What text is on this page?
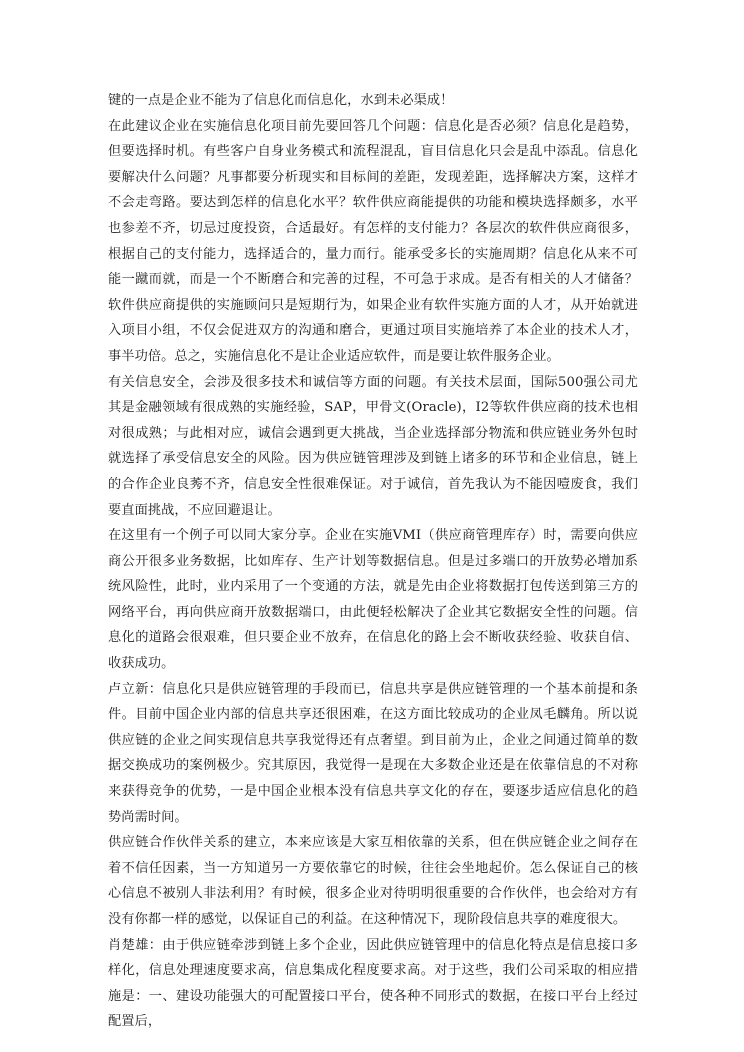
键的一点是企业不能为了信息化而信息化，水到未必渠成！

在此建议企业在实施信息化项目前先要回答几个问题：信息化是否必须？信息化是趋势，但要选择时机。有些客户自身业务模式和流程混乱，盲目信息化只会是乱中添乱。信息化要解决什么问题？凡事都要分析现实和目标间的差距，发现差距，选择解决方案，这样才不会走弯路。要达到怎样的信息化水平？软件供应商能提供的功能和模块选择颇多，水平也参差不齐，切忌过度投资，合适最好。有怎样的支付能力？各层次的软件供应商很多，根据自己的支付能力，选择适合的，量力而行。能承受多长的实施周期？信息化从来不可能一蹴而就，而是一个不断磨合和完善的过程，不可急于求成。是否有相关的人才储备？软件供应商提供的实施顾问只是短期行为，如果企业有软件实施方面的人才，从开始就进入项目小组，不仅会促进双方的沟通和磨合，更通过项目实施培养了本企业的技术人才，事半功倍。总之，实施信息化不是让企业适应软件，而是要让软件服务企业。

有关信息安全，会涉及很多技术和诚信等方面的问题。有关技术层面，国际500强公司尤其是金融领域有很成熟的实施经验，SAP，甲骨文(Oracle)，I2等软件供应商的技术也相对很成熟；与此相对应，诚信会遇到更大挑战，当企业选择部分物流和供应链业务外包时就选择了承受信息安全的风险。因为供应链管理涉及到链上诸多的环节和企业信息，链上的合作企业良莠不齐，信息安全性很难保证。对于诚信，首先我认为不能因噎废食，我们要直面挑战，不应回避退让。

在这里有一个例子可以同大家分享。企业在实施VMI（供应商管理库存）时，需要向供应商公开很多业务数据，比如库存、生产计划等数据信息。但是过多端口的开放势必增加系统风险性，此时，业内采用了一个变通的方法，就是先由企业将数据打包传送到第三方的网络平台，再向供应商开放数据端口，由此便轻松解决了企业其它数据安全性的问题。信息化的道路会很艰难，但只要企业不放弃，在信息化的路上会不断收获经验、收获自信、收获成功。

卢立新：信息化只是供应链管理的手段而已，信息共享是供应链管理的一个基本前提和条件。目前中国企业内部的信息共享还很困难，在这方面比较成功的企业凤毛麟角。所以说供应链的企业之间实现信息共享我觉得还有点奢望。到目前为止，企业之间通过简单的数据交换成功的案例极少。究其原因，我觉得一是现在大多数企业还是在依靠信息的不对称来获得竞争的优势，一是中国企业根本没有信息共享文化的存在，要逐步适应信息化的趋势尚需时间。

供应链合作伙伴关系的建立，本来应该是大家互相依靠的关系，但在供应链企业之间存在着不信任因素，当一方知道另一方要依靠它的时候，往往会坐地起价。怎么保证自己的核心信息不被别人非法利用？有时候，很多企业对待明明很重要的合作伙伴，也会给对方有没有你都一样的感觉，以保证自己的利益。在这种情况下，现阶段信息共享的难度很大。

肖楚雄：由于供应链牵涉到链上多个企业，因此供应链管理中的信息化特点是信息接口多样化，信息处理速度要求高，信息集成化程度要求高。对于这些，我们公司采取的相应措施是：一、建设功能强大的可配置接口平台，使各种不同形式的数据，在接口平台上经过配置后，
